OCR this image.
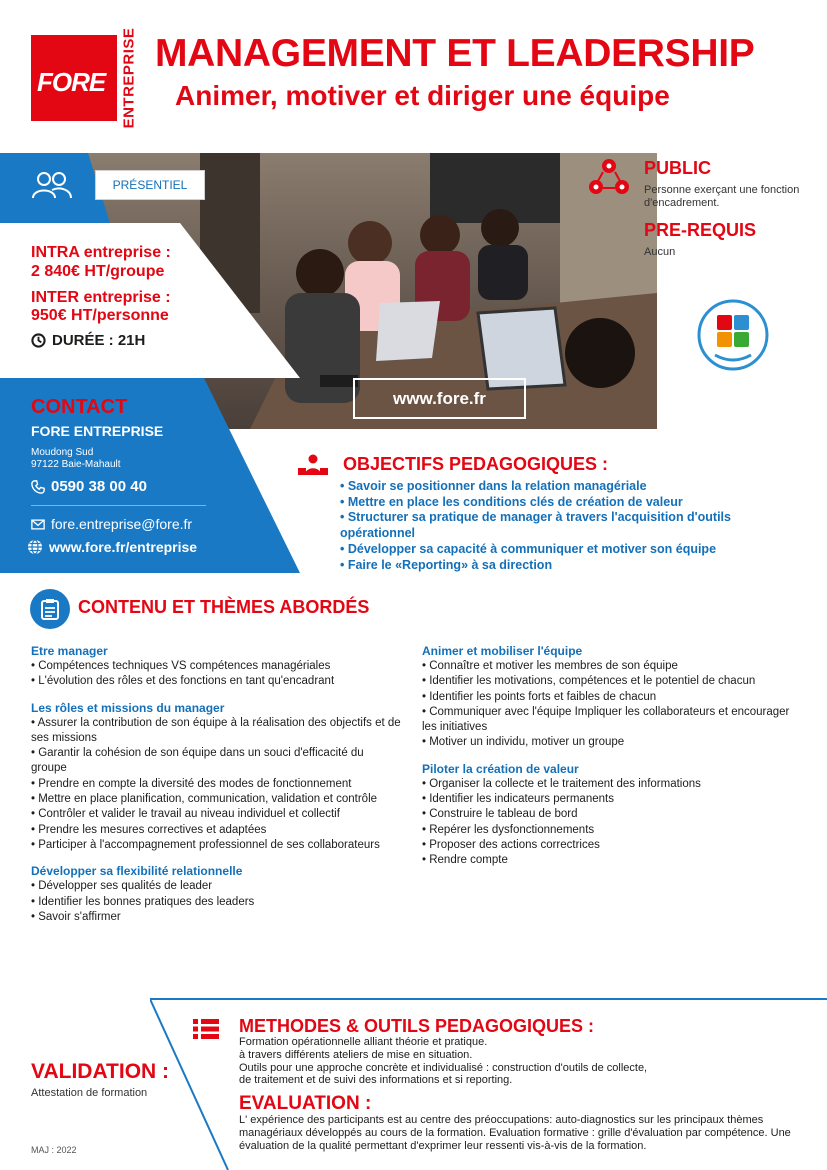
FORE ENTREPRISE MANAGEMENT ET LEADERSHIP
Animer, motiver et diriger une équipe
PRÉSENTIEL
INTRA entreprise :
2 840€ HT/groupe
INTER entreprise :
950€ HT/personne
DURÉE : 21H
www.fore.fr
CONTACT
FORE ENTREPRISE
Moudong Sud
97122 Baie-Mahault
0590 38 00 40
fore.entreprise@fore.fr
www.fore.fr/entreprise
PUBLIC
Personne exerçant une fonction d'encadrement.
PRE-REQUIS
Aucun
OBJECTIFS PEDAGOGIQUES :
• Savoir se positionner dans la relation managériale
• Mettre en place les conditions clés de création de valeur
• Structurer sa pratique de manager à travers l'acquisition d'outils opérationnel
• Développer sa capacité à communiquer et motiver son équipe
• Faire le «Reporting» à sa direction
CONTENU ET THÈMES ABORDÉS
Etre manager
• Compétences techniques VS compétences managériales
• L'évolution des rôles et des fonctions en tant qu'encadrant
Les rôles et missions du manager
• Assurer la contribution de son équipe à la réalisation des objectifs et de ses missions
• Garantir la cohésion de son équipe dans un souci d'efficacité du groupe
• Prendre en compte la diversité des modes de fonctionnement
• Mettre en place planification, communication, validation et contrôle
• Contrôler et valider le travail au niveau individuel et collectif
• Prendre les mesures correctives et adaptées
• Participer à l'accompagnement professionnel de ses collaborateurs
Développer sa flexibilité relationnelle
• Développer ses qualités de leader
• Identifier les bonnes pratiques des leaders
• Savoir s'affirmer
Animer et mobiliser l'équipe
• Connaître et motiver les membres de son équipe
• Identifier les motivations, compétences et le potentiel de chacun
• Identifier les points forts et faibles de chacun
• Communiquer avec l'équipe Impliquer les collaborateurs et encourager les initiatives
• Motiver un individu, motiver un groupe
Piloter la création de valeur
• Organiser la collecte et le traitement des informations
• Identifier les indicateurs permanents
• Construire le tableau de bord
• Repérer les dysfonctionnements
• Proposer des actions correctrices
• Rendre compte
METHODES & OUTILS PEDAGOGIQUES :
Formation opérationnelle alliant théorie et pratique.
à travers différents ateliers de mise en situation.
Outils pour une approche concrète et individualisé : construction d'outils de collecte,
de traitement et de suivi des informations et si reporting.
EVALUATION :
L' expérience des participants est au centre des préoccupations: auto-diagnostics sur les principaux thèmes managériaux développés au cours de la formation. Evaluation formative : grille d'évaluation par compétence. Une évaluation de la qualité permettant d'exprimer leur ressenti vis-à-vis de la formation.
VALIDATION :
Attestation de formation
MAJ : 2022
